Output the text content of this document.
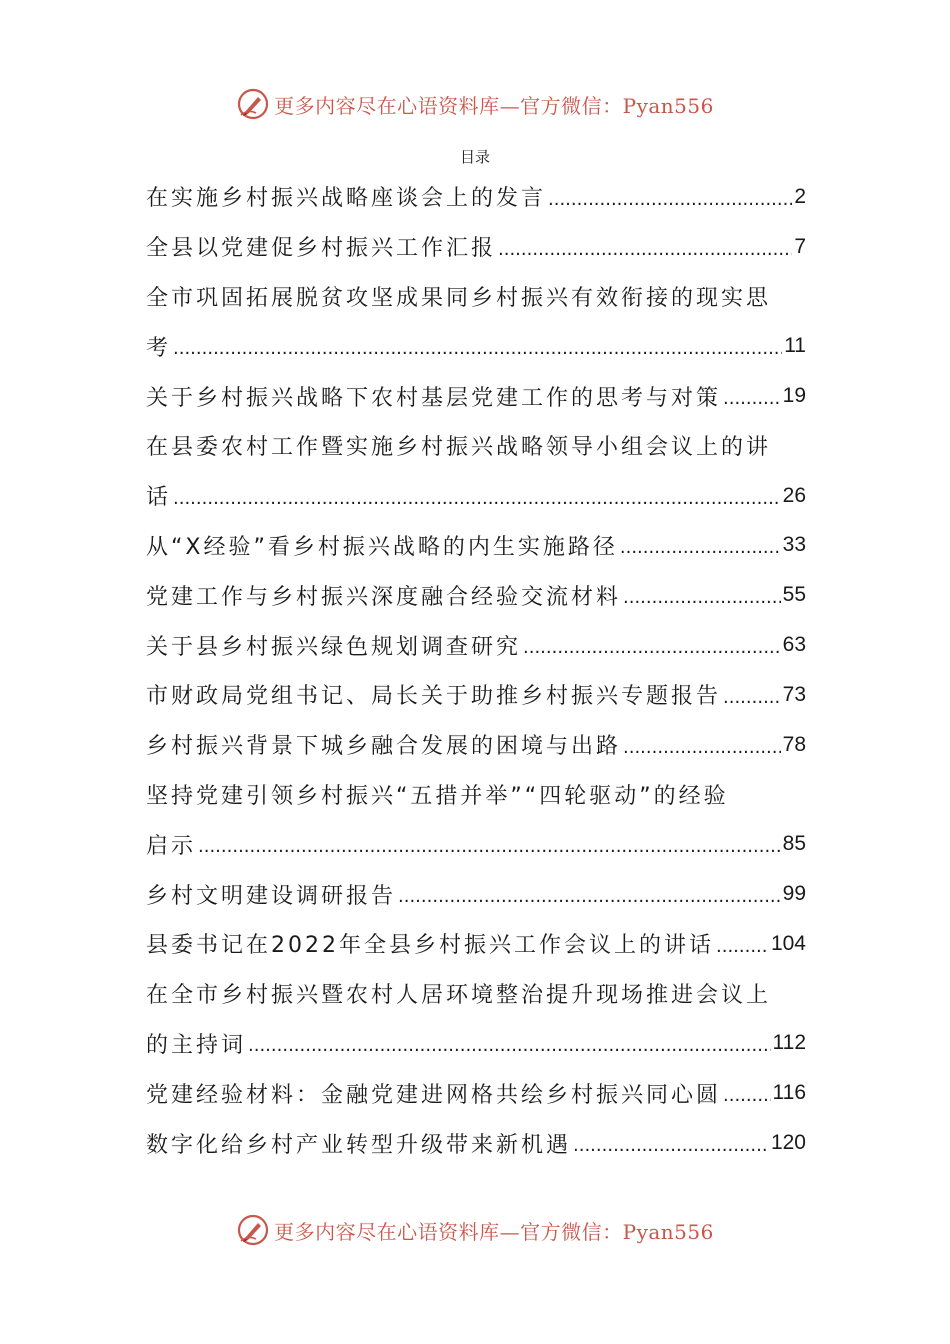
更多内容尽在心语资料库—官方微信：Pyan556
目录
在实施乡村振兴战略座谈会上的发言 .....	2
全县以党建促乡村振兴工作汇报 .....	7
全市巩固拓展脱贫攻坚成果同乡村振兴有效衔接的现实思
考 .....	11
关于乡村振兴战略下农村基层党建工作的思考与对策 .....	19
在县委农村工作暨实施乡村振兴战略领导小组会议上的讲
话 .....	26
从“X经验”看乡村振兴战略的内生实施路径 .....	33
党建工作与乡村振兴深度融合经验交流材料 .....	55
关于县乡村振兴绿色规划调查研究 .....	63
市财政局党组书记、局长关于助推乡村振兴专题报告 .....	73
乡村振兴背景下城乡融合发展的困境与出路 .....	78
坚持党建引领乡村振兴“五措并举”“四轮驱动”的经验
启示 .....	85
乡村文明建设调研报告 .....	99
县委书记在2022年全县乡村振兴工作会议上的讲话 .....	104
在全市乡村振兴暨农村人居环境整治提升现场推进会议上
的主持词 .....	112
党建经验材料：金融党建进网格共绘乡村振兴同心圆 ..... 116
数字化给乡村产业转型升级带来新机遇 .....	120
更多内容尽在心语资料库—官方微信：Pyan556
